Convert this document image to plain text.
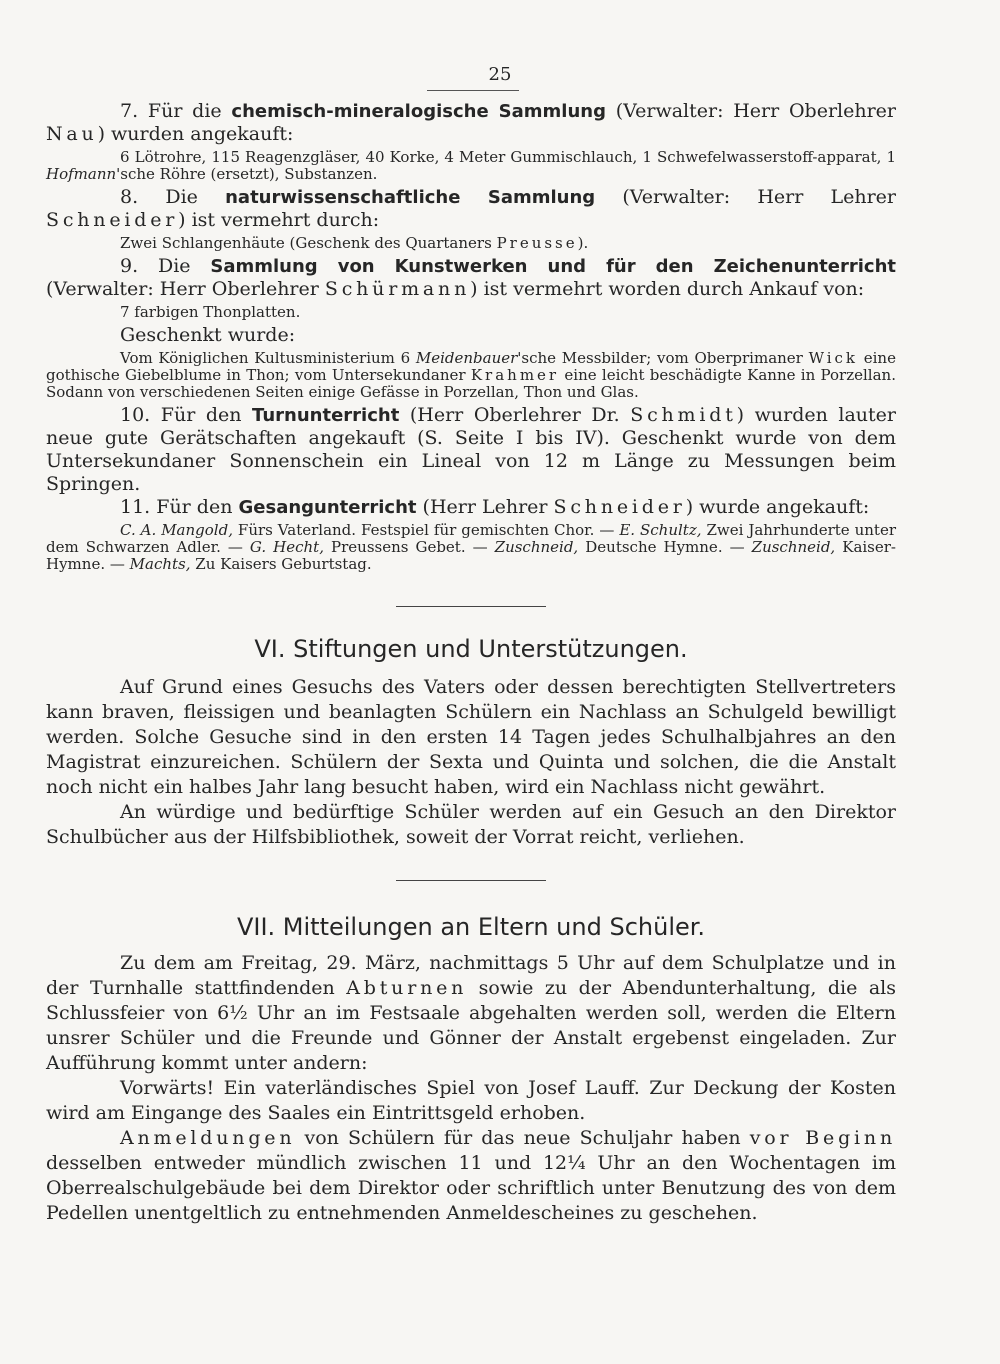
25

7. Für die chemisch-mineralogische Sammlung (Verwalter: Herr Oberlehrer Nau) wurden angekauft:

6 Lötrohre, 115 Reagenzgläser, 40 Korke, 4 Meter Gummischlauch, 1 Schwefelwasserstoff-apparat, 1 Hofmann'sche Röhre (ersetzt), Substanzen.

8. Die naturwissenschaftliche Sammlung (Verwalter: Herr Lehrer Schneider) ist vermehrt durch:

Zwei Schlangenhäute (Geschenk des Quartaners Preusse).

9. Die Sammlung von Kunstwerken und für den Zeichenunterricht (Verwalter: Herr Oberlehrer Schürmann) ist vermehrt worden durch Ankauf von:

7 farbigen Thonplatten.

Geschenkt wurde:

Vom Königlichen Kultusministerium 6 Meidenbauer'sche Messbilder; vom Oberprimaner Wick eine gothische Giebelblume in Thon; vom Untersekundaner Krahmer eine leicht beschädigte Kanne in Porzellan. Sodann von verschiedenen Seiten einige Gefässe in Porzellan, Thon und Glas.

10. Für den Turnunterricht (Herr Oberlehrer Dr. Schmidt) wurden lauter neue gute Gerätschaften angekauft (S. Seite I bis IV). Geschenkt wurde von dem Untersekundaner Sonnenschein ein Lineal von 12 m Länge zu Messungen beim Springen.

11. Für den Gesangunterricht (Herr Lehrer Schneider) wurde angekauft:

C. A. Mangold, Fürs Vaterland. Festspiel für gemischten Chor. — E. Schultz, Zwei Jahrhunderte unter dem Schwarzen Adler. — G. Hecht, Preussens Gebet. — Zuschneid, Deutsche Hymne. — Zuschneid, Kaiser-Hymne. — Machts, Zu Kaisers Geburtstag.

VI. Stiftungen und Unterstützungen.

Auf Grund eines Gesuchs des Vaters oder dessen berechtigten Stellvertreters kann braven, fleissigen und beanlagten Schülern ein Nachlass an Schulgeld bewilligt werden. Solche Gesuche sind in den ersten 14 Tagen jedes Schulhalbjahres an den Magistrat einzureichen. Schülern der Sexta und Quinta und solchen, die die Anstalt noch nicht ein halbes Jahr lang besucht haben, wird ein Nachlass nicht gewährt.

An würdige und bedürftige Schüler werden auf ein Gesuch an den Direktor Schulbücher aus der Hilfsbibliothek, soweit der Vorrat reicht, verliehen.

VII. Mitteilungen an Eltern und Schüler.

Zu dem am Freitag, 29. März, nachmittags 5 Uhr auf dem Schulplatze und in der Turnhalle stattfindenden Abturnen sowie zu der Abendunterhaltung, die als Schlussfeier von 6½ Uhr an im Festsaale abgehalten werden soll, werden die Eltern unsrer Schüler und die Freunde und Gönner der Anstalt ergebenst eingeladen. Zur Aufführung kommt unter andern:

Vorwärts! Ein vaterländisches Spiel von Josef Lauff. Zur Deckung der Kosten wird am Eingange des Saales ein Eintrittsgeld erhoben.

Anmeldungen von Schülern für das neue Schuljahr haben vor Beginn desselben entweder mündlich zwischen 11 und 12¼ Uhr an den Wochentagen im Oberrealschulgebäude bei dem Direktor oder schriftlich unter Benutzung des von dem Pedellen unentgeltlich zu entnehmenden Anmeldescheines zu geschehen.
